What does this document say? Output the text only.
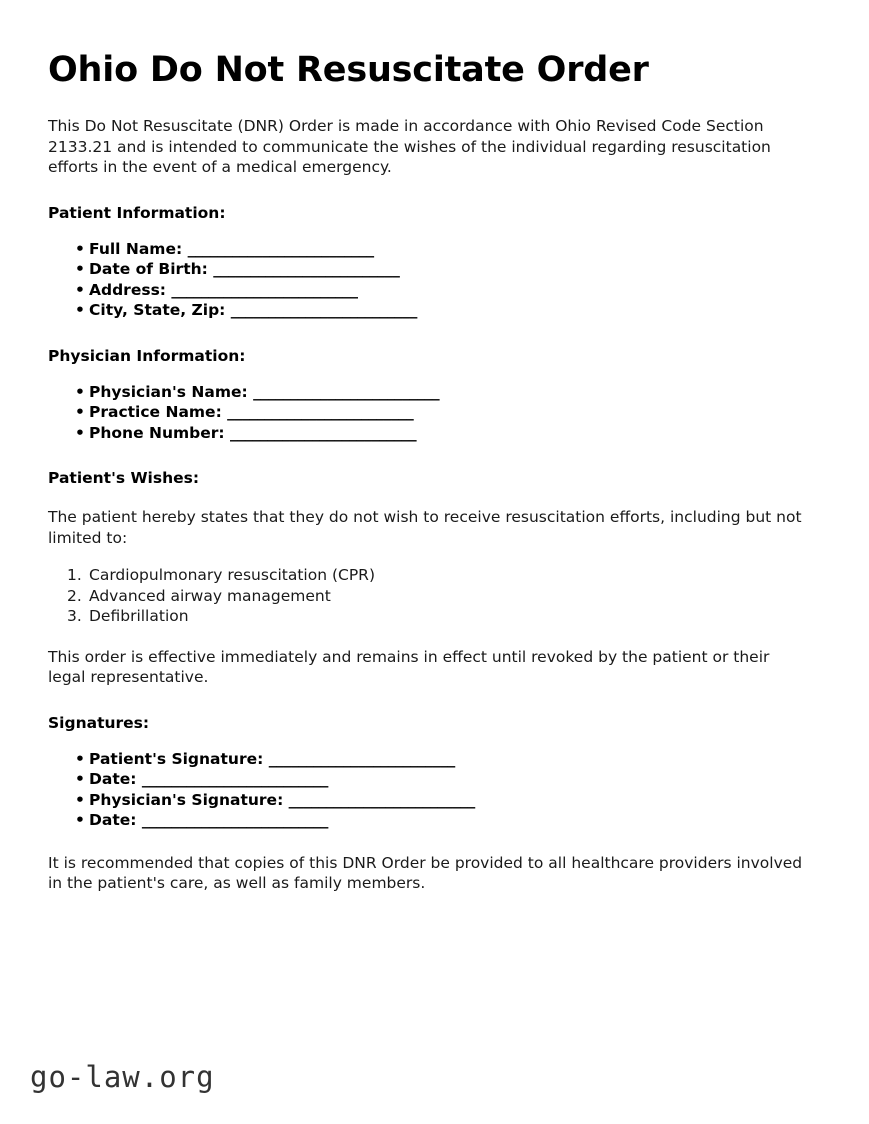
Ohio Do Not Resuscitate Order

This Do Not Resuscitate (DNR) Order is made in accordance with Ohio Revised Code Section 2133.21 and is intended to communicate the wishes of the individual regarding resuscitation efforts in the event of a medical emergency.

Patient Information:
• Full Name: _________________________
• Date of Birth: _________________________
• Address: _________________________
• City, State, Zip: _________________________
Physician Information:
• Physician's Name: _________________________
• Practice Name: _________________________
• Phone Number: _________________________
Patient's Wishes:

The patient hereby states that they do not wish to receive resuscitation efforts, including but not limited to:

Cardiopulmonary resuscitation (CPR)
Advanced airway management
Defibrillation

This order is effective immediately and remains in effect until revoked by the patient or their legal representative.

Signatures:
• Patient's Signature: _________________________
• Date: _________________________
• Physician's Signature: _________________________
• Date: _________________________

It is recommended that copies of this DNR Order be provided to all healthcare providers involved in the patient's care, as well as family members.

go-law.org
